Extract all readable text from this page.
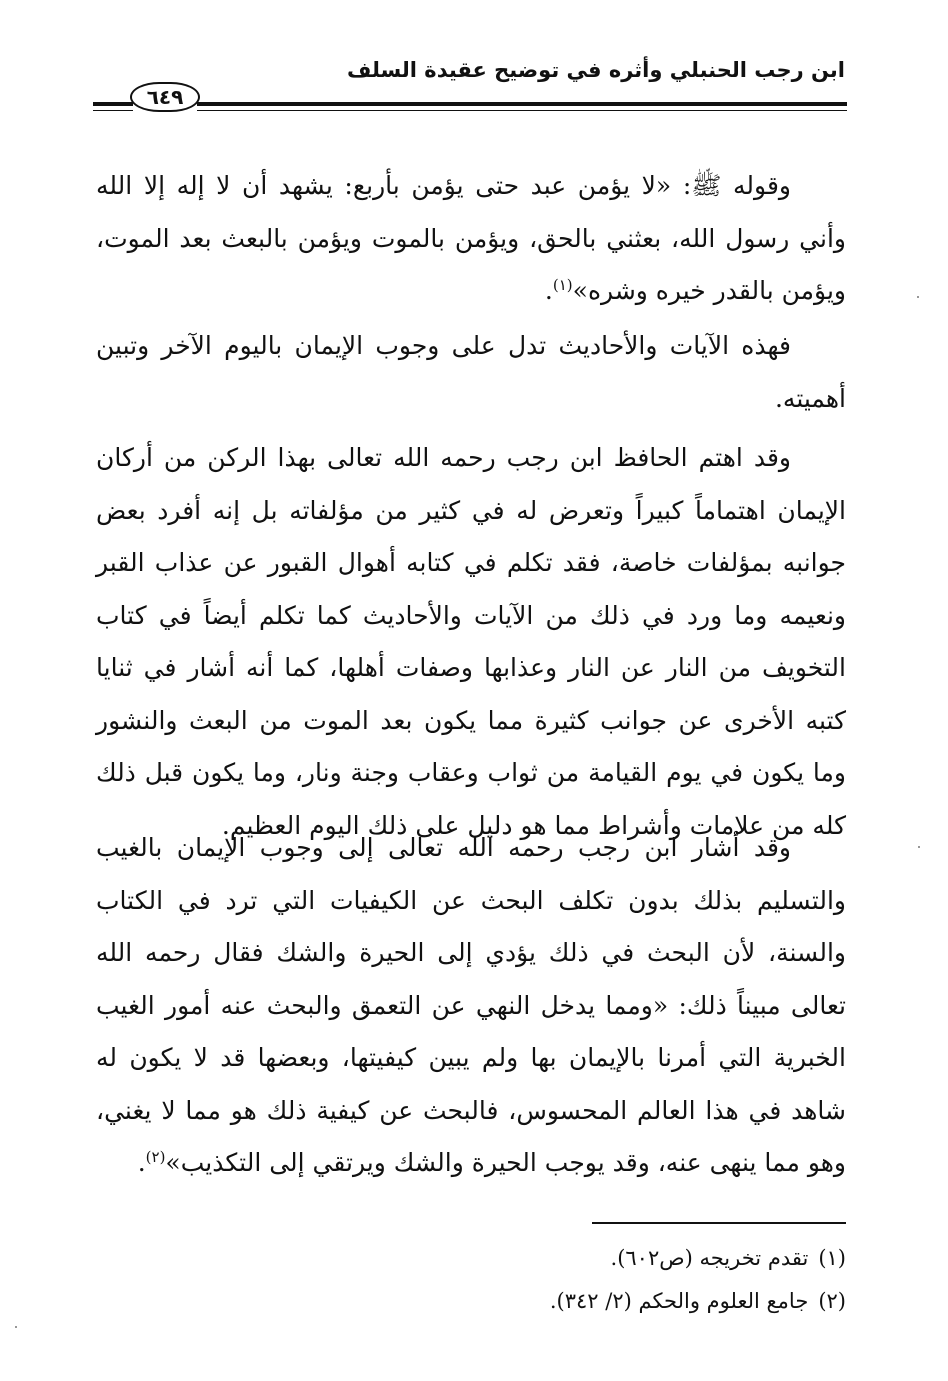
ابن رجب الحنبلي وأثره في توضيح عقيدة السلف
٦٤٩

وقوله ﷺ: «لا يؤمن عبد حتى يؤمن بأربع: يشهد أن لا إله إلا الله وأني رسول الله، بعثني بالحق، ويؤمن بالموت ويؤمن بالبعث بعد الموت، ويؤمن بالقدر خيره وشره»$^{(١)}$.

فهذه الآيات والأحاديث تدل على وجوب الإيمان باليوم الآخر وتبين أهميته.

وقد اهتم الحافظ ابن رجب رحمه الله تعالى بهذا الركن من أركان الإيمان اهتماماً كبيراً وتعرض له في كثير من مؤلفاته بل إنه أفرد بعض جوانبه بمؤلفات خاصة، فقد تكلم في كتابه أهوال القبور عن عذاب القبر ونعيمه وما ورد في ذلك من الآيات والأحاديث كما تكلم أيضاً في كتاب التخويف من النار عن النار وعذابها وصفات أهلها، كما أنه أشار في ثنايا كتبه الأخرى عن جوانب كثيرة مما يكون بعد الموت من البعث والنشور وما يكون في يوم القيامة من ثواب وعقاب وجنة ونار، وما يكون قبل ذلك كله من علامات وأشراط مما هو دليل على ذلك اليوم العظيم.

وقد أشار ابن رجب رحمه الله تعالى إلى وجوب الإيمان بالغيب والتسليم بذلك بدون تكلف البحث عن الكيفيات التي ترد في الكتاب والسنة، لأن البحث في ذلك يؤدي إلى الحيرة والشك فقال رحمه الله تعالى مبيناً ذلك: «ومما يدخل النهي عن التعمق والبحث عنه أمور الغيب الخبرية التي أمرنا بالإيمان بها ولم يبين كيفيتها، وبعضها قد لا يكون له شاهد في هذا العالم المحسوس، فالبحث عن كيفية ذلك هو مما لا يغني، وهو مما ينهى عنه، وقد يوجب الحيرة والشك ويرتقي إلى التكذيب»$^{(٢)}$.

(١)تقدم تخريجه (ص٦٠٢).

(٢)جامع العلوم والحكم (٢/ ٣٤٢).
